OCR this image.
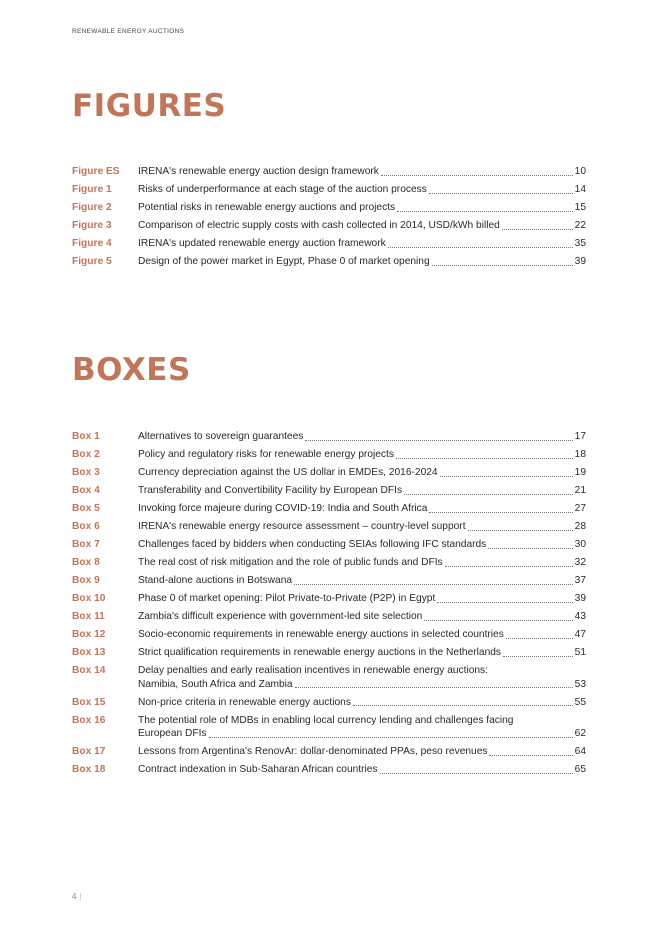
RENEWABLE ENERGY AUCTIONS
FIGURES
Figure ES	IRENA's renewable energy auction design framework	10
Figure 1	Risks of underperformance at each stage of the auction process	14
Figure 2	Potential risks in renewable energy auctions and projects	15
Figure 3	Comparison of electric supply costs with cash collected in 2014, USD/kWh billed	22
Figure 4	IRENA's updated renewable energy auction framework	35
Figure 5	Design of the power market in Egypt, Phase 0 of market opening	39
BOXES
Box 1	Alternatives to sovereign guarantees	17
Box 2	Policy and regulatory risks for renewable energy projects	18
Box 3	Currency depreciation against the US dollar in EMDEs, 2016-2024	19
Box 4	Transferability and Convertibility Facility by European DFIs	21
Box 5	Invoking force majeure during COVID-19: India and South Africa	27
Box 6	IRENA's renewable energy resource assessment – country-level support	28
Box 7	Challenges faced by bidders when conducting SEIAs following IFC standards	30
Box 8	The real cost of risk mitigation and the role of public funds and DFIs	32
Box 9	Stand-alone auctions in Botswana	37
Box 10	Phase 0 of market opening: Pilot Private-to-Private (P2P) in Egypt	39
Box 11	Zambia's difficult experience with government-led site selection	43
Box 12	Socio-economic requirements in renewable energy auctions in selected countries	47
Box 13	Strict qualification requirements in renewable energy auctions in the Netherlands	51
Box 14	Delay penalties and early realisation incentives in renewable energy auctions:
Namibia, South Africa and Zambia	53
Box 15	Non-price criteria in renewable energy auctions	55
Box 16	The potential role of MDBs in enabling local currency lending and challenges facing
European DFIs	62
Box 17	Lessons from Argentina's RenovAr: dollar-denominated PPAs, peso revenues	64
Box 18	Contract indexation in Sub-Saharan African countries	65
4 |
